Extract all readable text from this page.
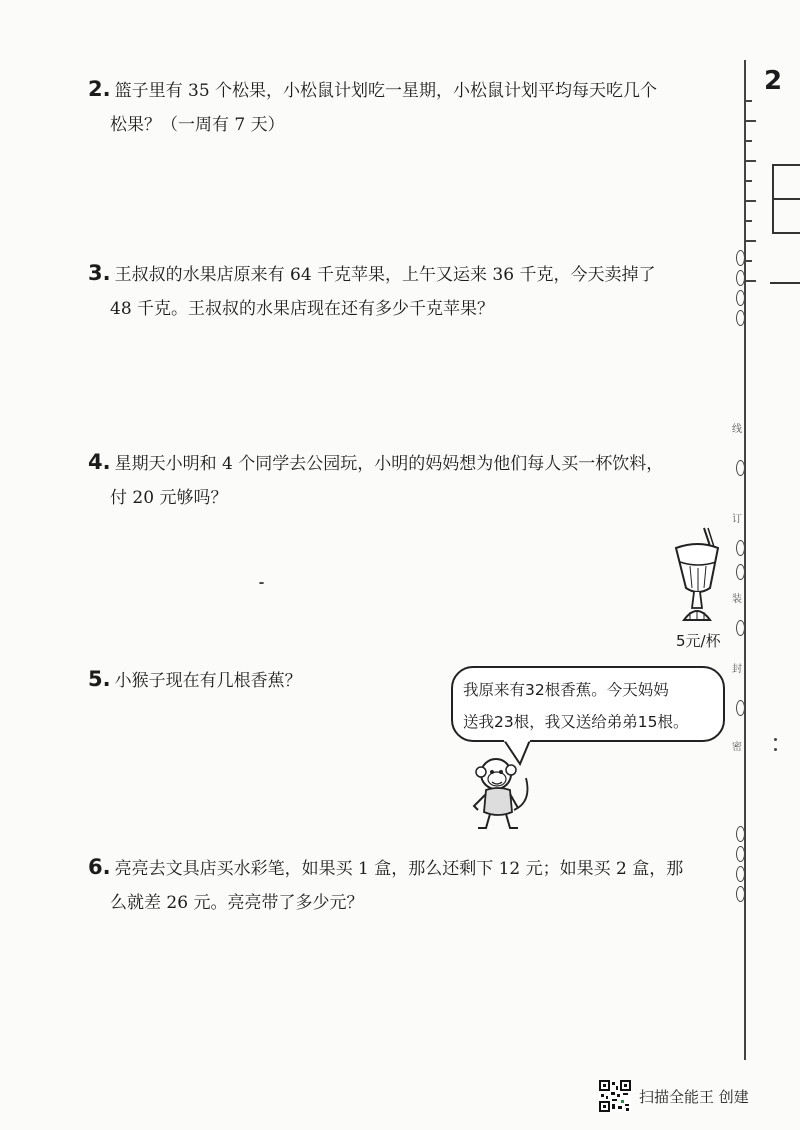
2. 篮子里有 35 个松果，小松鼠计划吃一星期，小松鼠计划平均每天吃几个
松果？（一周有 7 天）
3. 王叔叔的水果店原来有 64 千克苹果，上午又运来 36 千克，今天卖掉了
48 千克。王叔叔的水果店现在还有多少千克苹果？
4. 星期天小明和 4 个同学去公园玩，小明的妈妈想为他们每人买一杯饮料，
付 20 元够吗？
5元/杯
5. 小猴子现在有几根香蕉？	我原来有32根香蕉。今天妈妈
送我23根，我又送给弟弟15根。
6. 亮亮去文具店买水彩笔，如果买 1 盒，那么还剩下 12 元；如果买 2 盒，那
么就差 26 元。亮亮带了多少元？
线
订
装
封
密
2
扫描全能王 创建
